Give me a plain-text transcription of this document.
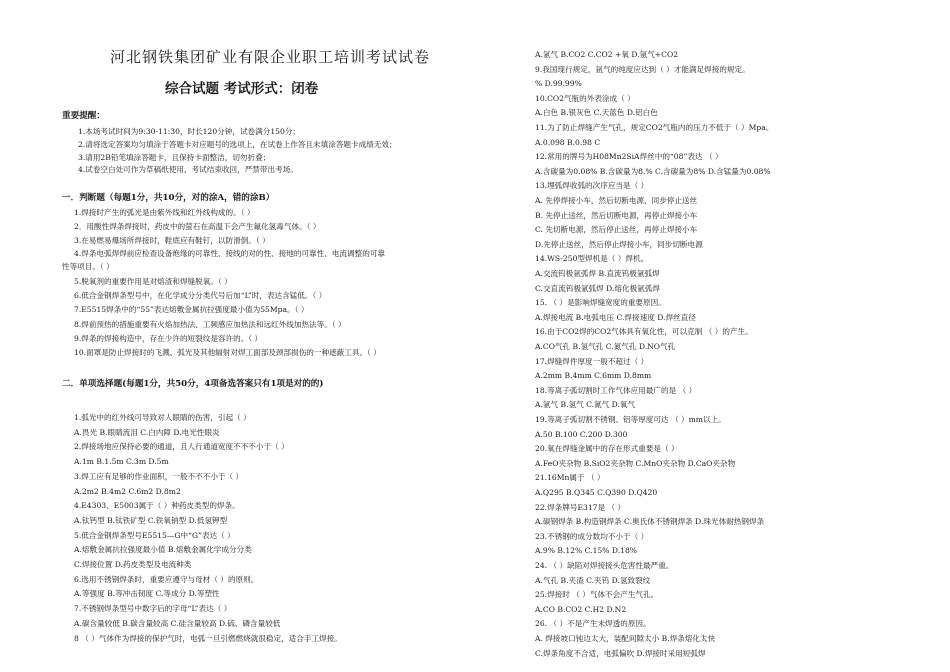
河北钢铁集团矿业有限企业职工培训考试试卷
综合试题 考试形式：闭卷
重要提醒：
1.本场考试时间为9:30-11:30，时长120分钟，试卷满分150分；
2.请将选定答案均匀填涂于答题卡对应题号的选项上，在试卷上作答且未填涂答题卡成绩无效；
3.请用2B铅笔填涂答题卡，且保持卡面整洁，切勿折叠；
4.试卷空白处可作为草稿纸使用，考试结束收回，严禁带出考场。
一．判断题（每题1分，共10分，对的涂A，错的涂B）
1.焊接时产生的弧光是由紫外线和红外线构成的。（ ）
2．用酸性焊条焊接时，药皮中的萤石在高温下会产生氟化氢毒气体。（ ）
3.在易燃易爆场所焊接时，鞋底应有鞋钉，以防滑倒。（ ）
4.焊条电弧焊焊前应检查设备绝缘的可靠性、接线的对的性、接地的可靠性、电流调整的可靠
性等项目。（ ）
5.脱氧剂的重要作用是对熔渣和焊缝脱氧。（ ）
6.低合金钢焊条型号中，在化学成分分类代号后加“L”时，表达含锰低。（ ）
7.E5515焊条中的“55”表达熔敷金属抗拉强度最小值为55Mpa。（ ）
8.焊前预热的措施重要有火焰加热法、工频感应加热法和远红外线加热法等。（ ）
9.焊条的焊接构造中，存在少许的短裂纹是容许的。（ ）
10.面罩是防止焊接时的飞溅、弧光及其他辐射对焊工面部及颈部损伤的一种遮蔽工具。（ ）
二．单项选择题(每题1分，共50分，4项备选答案只有1项是对的的)
1.弧光中的红外线可导致对人眼睛的伤害，引起（ ）
A.畏光 B.眼睛流泪 C.白内障 D.电光性眼炎
2.焊接场地应保持必要的通道，且人行通道宽度不不不小于（ ）
A.1m B.1.5m C.3m D.5m
3.焊工应有足够的作业面积，一般不不不小于（ ）
A.2m2 B.4m2 C.6m2 D.8m2
4.E4303、E5003属于（ ）种药皮类型的焊条。
A.钛钙型 B.钛铁矿型 C.铁氧钠型 D.低氢钾型
5.低合金钢焊条型号E5515—G中“G”表达（ ）
A.熔敷金属抗拉强度最小值 B.熔敷金属化学成分分类
C.焊接位置 D.药皮类型及电流种类
6.选用不锈钢焊条时，重要应遵守与母材（ ）的原则。
A.等强度 B.等冲击韧度 C.等成分 D.等塑性
7.不锈钢焊条型号中数字后的字母“L”表达（ ）
A.碳含量较低 B.碳含量较高 C.硅含量较高 D.硫、磷含量较低
8 （ ）气体作为焊接的保护气时，电弧一旦引燃燃烧就很稳定，适合手工焊接。
A.氩气 B.CO2 C.CO2 +氧 D.氩气+CO2
9.我国现行规定，氩气的纯度应达到（ ）才能满足焊接的规定。
% D.99.99%
10.CO2气瓶的外表涂成（ ）
A.白色 B.银灰色 C.天蓝色 D.铝白色
11.为了防止焊缝产生气孔，规定CO2气瓶内的压力不低于（ ）Mpa。
A.0.098 B.0.98 C
12.常用的牌号为H08Mn2SiA焊丝中的“08”表达 （ ）
A.含碳量为0.08% B.含碳量为8.% C.含碳量为8% D.含锰量为0.08%
13.埋弧焊收弧的次序应当是（ ）
A. 先停焊接小车，然后切断电源，同步停止送丝
B. 先停止送丝，然后切断电源，再停止焊接小车
C. 先切断电源，然后停止送丝，再停止焊接小车
D.先停止送丝，然后停止焊接小车，同步切断电源
14.WS-250型焊机是（ ）焊机。
A.交流钨极氩弧焊 B.直流钨极氩弧焊
C.交直流钨极氩弧焊 D.熔化极氩弧焊
15. （ ）是影响焊缝宽度的重要原因。
A.焊接电流 B.电弧电压 C.焊接速度 D.焊丝直径
16.由于CO2焊的CO2气体具有氧化性，可以克制 （ ）的产生。
A.CO气孔 B.氢气孔 C.氮气孔 D.NO气孔
17.焊缝焊件厚度一般不超过（ ）
A.2mm B.4mm C.6mm D.8mm
18.等离子弧切割时工作气体应用最广的是 （ ）
A.氩气 B.氢气 C.氮气 D.氧气
19.等离子弧切割不锈钢、铝等厚度可达 （ ）mm以上。
A.50 B.100 C.200 D.300
20.氧在焊缝金属中的存在形式重要是（ ）
A.FeO夹杂物 B.SiO2夹杂物 C.MnO夹杂物 D.CaO夹杂物
21.16Mn属于 （ ）
A.Q295 B.Q345 C.Q390 D.Q420
22.焊条牌号E317是 （ ）
A.碳钢焊条 B.构造钢焊条 C.奥氏体不锈钢焊条 D.珠光体耐热钢焊条
23.不锈钢的成分数均不小于（ ）
A.9% B.12% C.15% D.18%
24. （ ）缺陷对焊接接头危害性最严重。
A.气孔 B.夹渣 C.夹钨 D.氢致裂纹
25.焊接时 （ ）气体不会产生气孔。
A.CO B.CO2 C.H2 D.N2
26. （ ）不是产生未焊透的原因。
A. 焊接坡口钝边太大，装配间隙太小 B.焊条熔化太快
C.焊条角度不合适，电弧偏吹 D.焊接时采用短弧焊
